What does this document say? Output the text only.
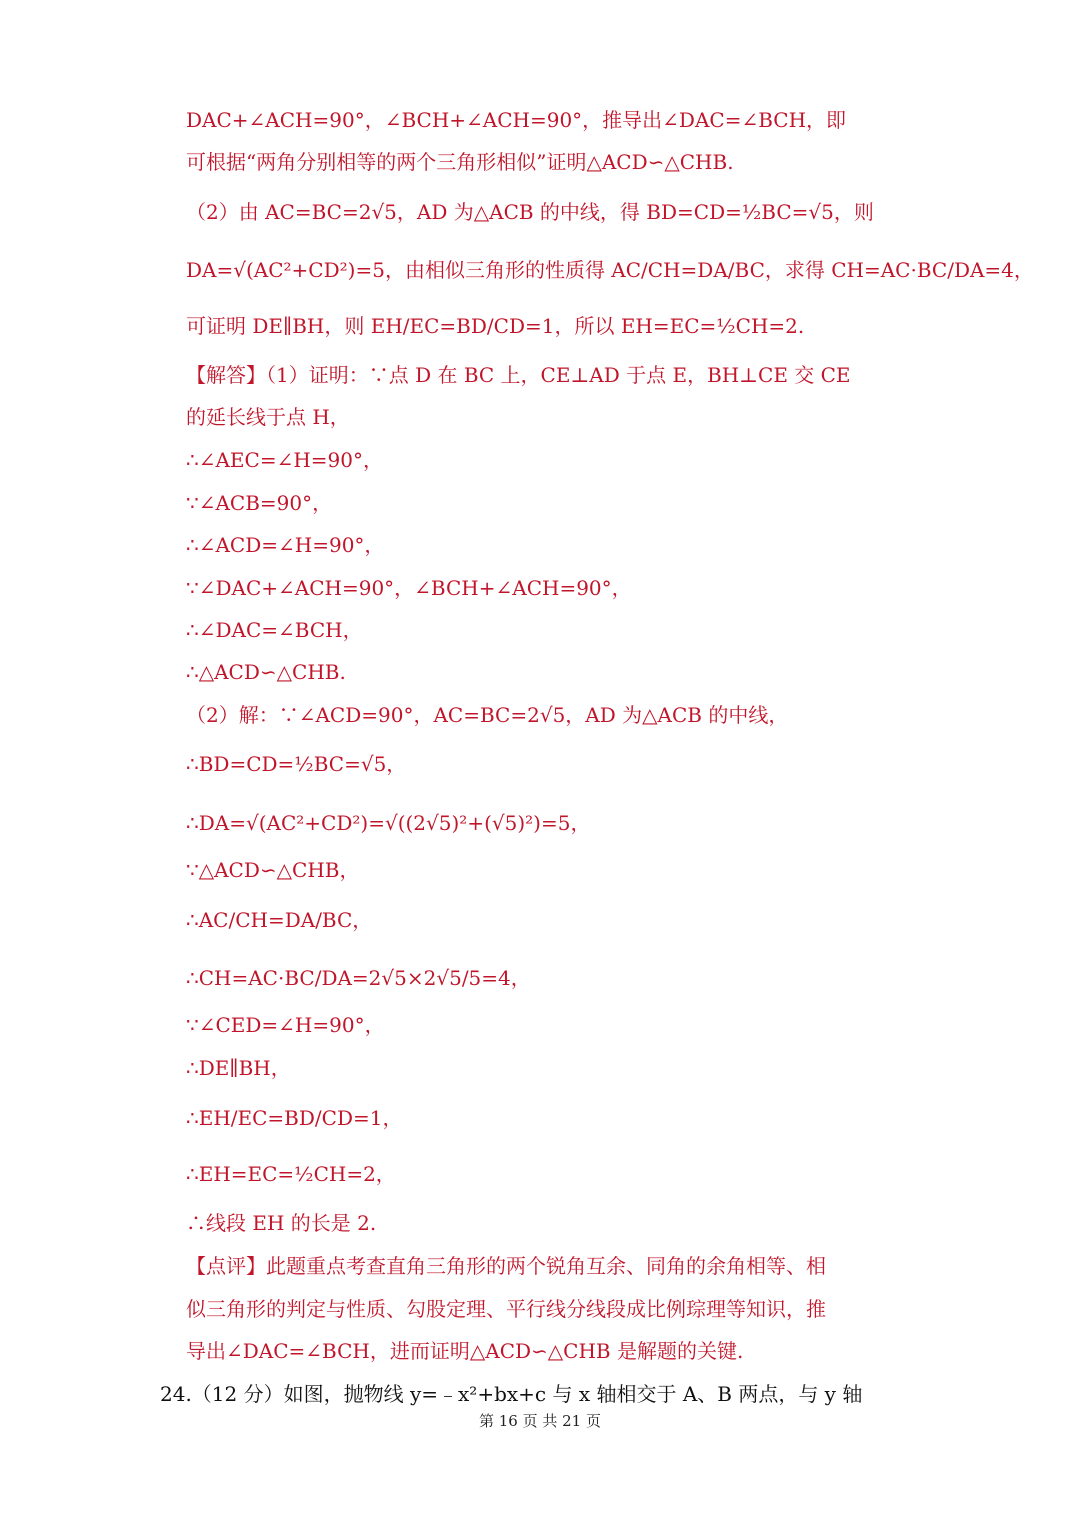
DAC+∠ACH=90°，∠BCH+∠ACH=90°，推导出∠DAC=∠BCH，即
可根据“两角分别相等的两个三角形相似”证明△ACD∽△CHB.
（2）由 AC=BC=2√5，AD 为△ACB 的中线，得 BD=CD=½BC=√5，则
DA=√(AC²+CD²)=5，由相似三角形的性质得 AC/CH=DA/BC，求得 CH=AC·BC/DA=4，
可证明 DE∥BH，则 EH/EC=BD/CD=1，所以 EH=EC=½CH=2.
【解答】（1）证明：∵点 D 在 BC 上，CE⊥AD 于点 E，BH⊥CE 交 CE
的延长线于点 H，
∴∠AEC=∠H=90°，
∵∠ACB=90°，
∴∠ACD=∠H=90°，
∵∠DAC+∠ACH=90°，∠BCH+∠ACH=90°，
∴∠DAC=∠BCH，
∴△ACD∽△CHB.
（2）解：∵∠ACD=90°，AC=BC=2√5，AD 为△ACB 的中线，
∴BD=CD=½BC=√5，
∴DA=√(AC²+CD²)=√((2√5)²+(√5)²)=5，
∵△ACD∽△CHB，
∴AC/CH=DA/BC，
∴CH=AC·BC/DA=2√5×2√5/5=4，
∵∠CED=∠H=90°，
∴DE∥BH，
∴EH/EC=BD/CD=1，
∴EH=EC=½CH=2，
∴线段 EH 的长是 2.
【点评】此题重点考查直角三角形的两个锐角互余、同角的余角相等、相
似三角形的判定与性质、勾股定理、平行线分线段成比例琮理等知识，推
导出∠DAC=∠BCH，进而证明△ACD∽△CHB 是解题的关键.
24.（12 分）如图，抛物线 y=﹣x²+bx+c 与 x 轴相交于 A、B 两点，与 y 轴
第 16 页 共 21 页
